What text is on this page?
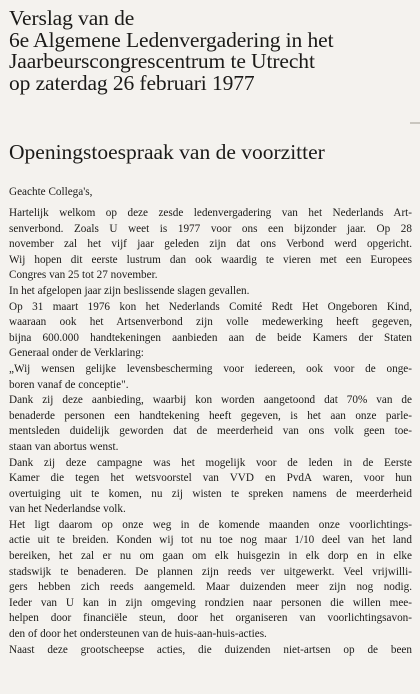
Verslag van de
6e Algemene Ledenvergadering in het
Jaarbeurscongrescentrum te Utrecht
op zaterdag 26 februari 1977
Openingstoespraak van de voorzitter

Geachte Collega's,

Hartelijk welkom op deze zesde ledenvergadering van het Nederlands Art-
senverbond. Zoals U weet is 1977 voor ons een bijzonder jaar. Op 28
november zal het vijf jaar geleden zijn dat ons Verbond werd opgericht.
Wij hopen dit eerste lustrum dan ook waardig te vieren met een Europees
Congres van 25 tot 27 november.
In het afgelopen jaar zijn beslissende slagen gevallen.
Op 31 maart 1976 kon het Nederlands Comité Redt Het Ongeboren Kind,
waaraan ook het Artsenverbond zijn volle medewerking heeft gegeven,
bijna 600.000 handtekeningen aanbieden aan de beide Kamers der Staten
Generaal onder de Verklaring:
„Wij wensen gelijke levensbescherming voor iedereen, ook voor de onge-
boren vanaf de conceptie".
Dank zij deze aanbieding, waarbij kon worden aangetoond dat 70% van de
benaderde personen een handtekening heeft gegeven, is het aan onze parle-
mentsleden duidelijk geworden dat de meerderheid van ons volk geen toe-
staan van abortus wenst.
Dank zij deze campagne was het mogelijk voor de leden in de Eerste
Kamer die tegen het wetsvoorstel van VVD en PvdA waren, voor hun
overtuiging uit te komen, nu zij wisten te spreken namens de meerderheid
van het Nederlandse volk.
Het ligt daarom op onze weg in de komende maanden onze voorlichtings-
actie uit te breiden. Konden wij tot nu toe nog maar 1/10 deel van het land
bereiken, het zal er nu om gaan om elk huisgezin in elk dorp en in elke
stadswijk te benaderen. De plannen zijn reeds ver uitgewerkt. Veel vrijwilli-
gers hebben zich reeds aangemeld. Maar duizenden meer zijn nog nodig.
Ieder van U kan in zijn omgeving rondzien naar personen die willen mee-
helpen door financiële steun, door het organiseren van voorlichtingsavon-
den of door het ondersteunen van de huis-aan-huis-acties.
Naast deze grootscheepse acties, die duizenden niet-artsen op de been
